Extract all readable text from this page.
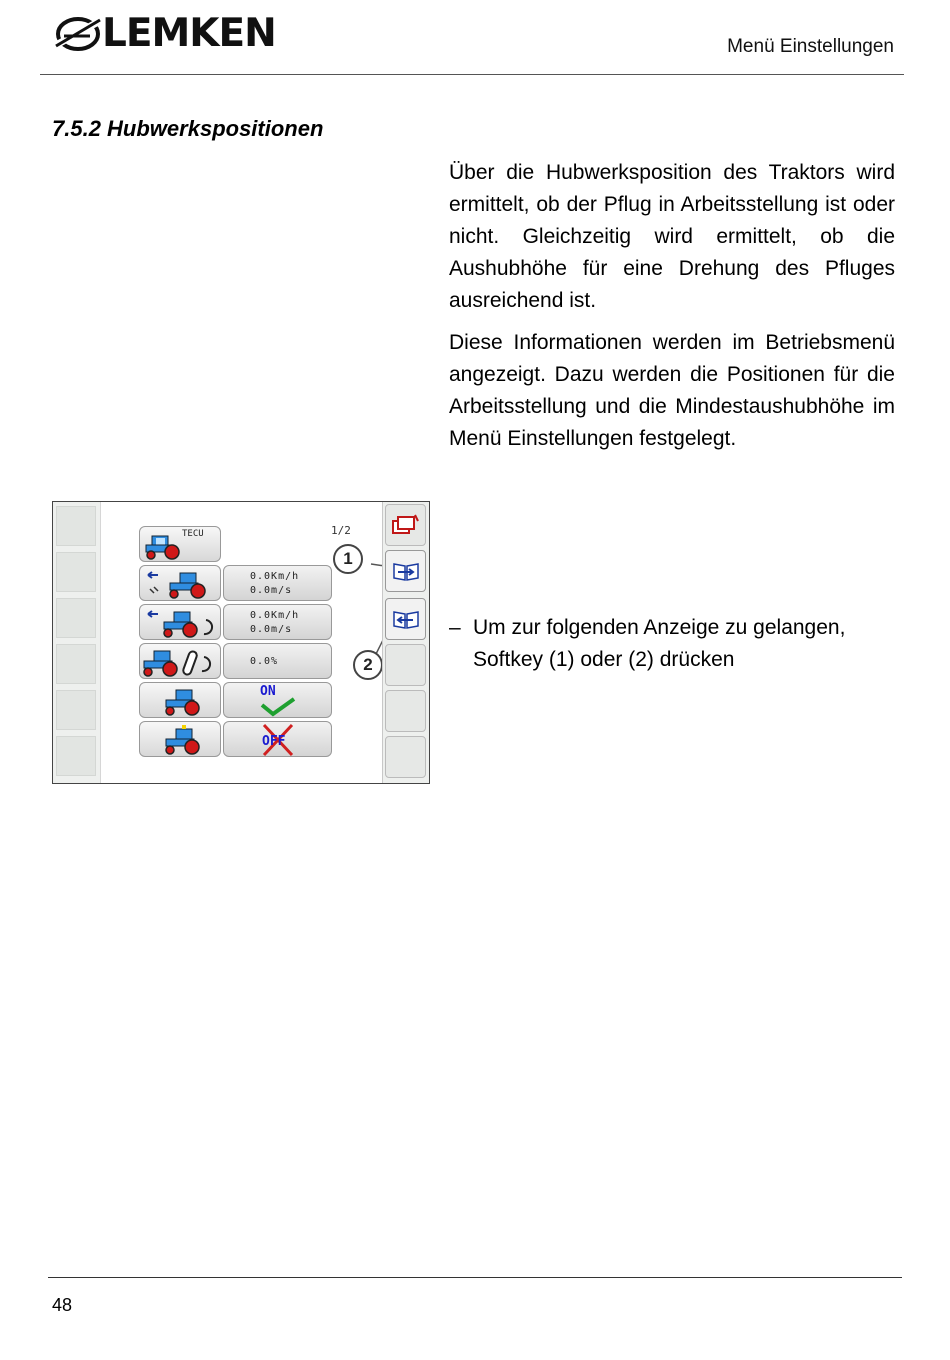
LEMKEN	Menü Einstellungen
7.5.2 Hubwerkspositionen

Über die Hubwerksposition des Traktors wird ermittelt, ob der Pflug in Arbeitsstellung ist oder nicht. Gleichzeitig wird ermittelt, ob die Aushubhöhe für eine Drehung des Pfluges ausreichend ist.

Diese Informationen werden im Betriebsmenü angezeigt. Dazu werden die Positionen für die Arbeitsstellung und die Mindestaushubhöhe im Menü Einstellungen festgelegt.

1/2
TECU
0.0Km/h
0.0m/s
0.0Km/h
0.0m/s
0.0%
ON
OFF
1
2
– Um zur folgenden Anzeige zu gelangen, Softkey (1) oder (2) drücken
48
